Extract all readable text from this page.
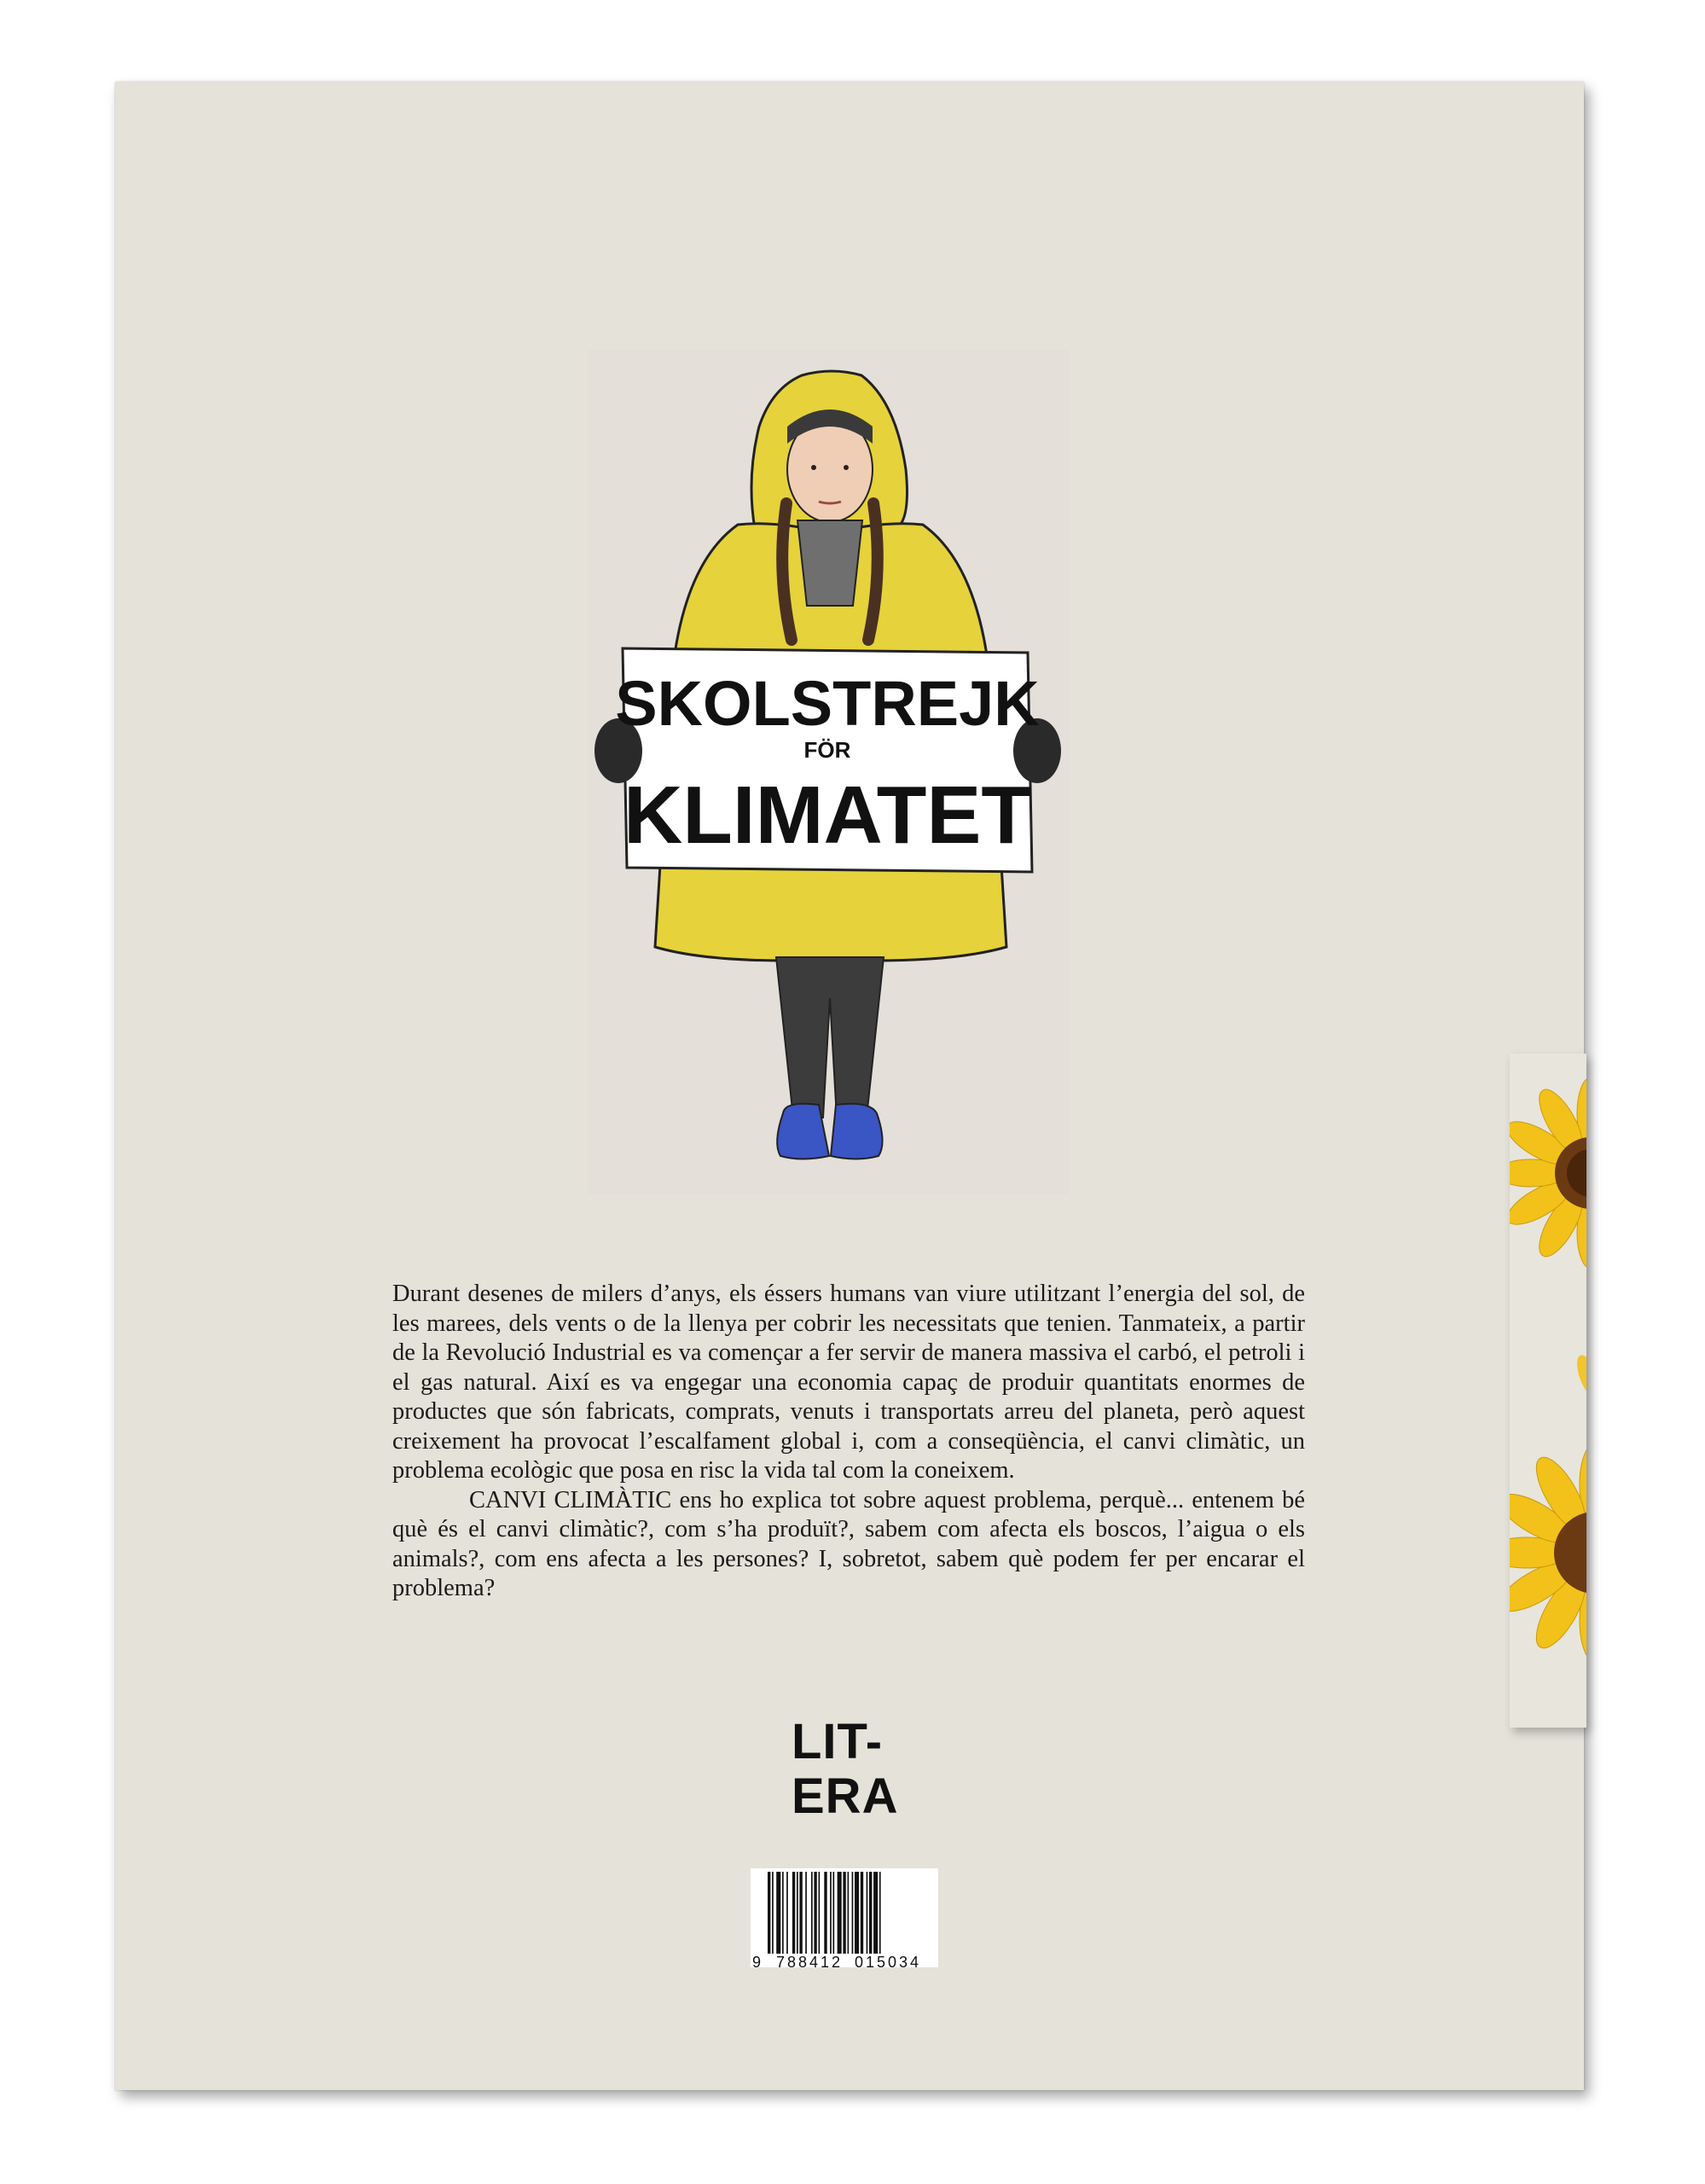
SKOLSTREJK
FÖR
KLIMATET

Durant desenes de milers d’anys, els éssers humans van viure utilitzant l’energia del sol, de les marees, dels vents o de la llenya per cobrir les necessitats que tenien. Tanmateix, a partir de la Revolució Industrial es va començar a fer servir de manera massiva el carbó, el petroli i el gas natural. Així es va engegar una economia capaç de produir quantitats enormes de productes que són fabricats, comprats, venuts i transportats arreu del planeta, però aquest creixement ha provocat l’escalfament global i, com a conseqüència, el canvi climàtic, un problema ecològic que posa en risc la vida tal com la coneixem.

CANVI CLIMÀTIC ens ho explica tot sobre aquest problema, perquè... entenem bé què és el canvi climàtic?, com s’ha produït?, sabem com afecta els boscos, l’aigua o els animals?, com ens afecta a les persones? I, sobretot, sabem què podem fer per encarar el problema?

LIT-
ERA
9 788412 015034
